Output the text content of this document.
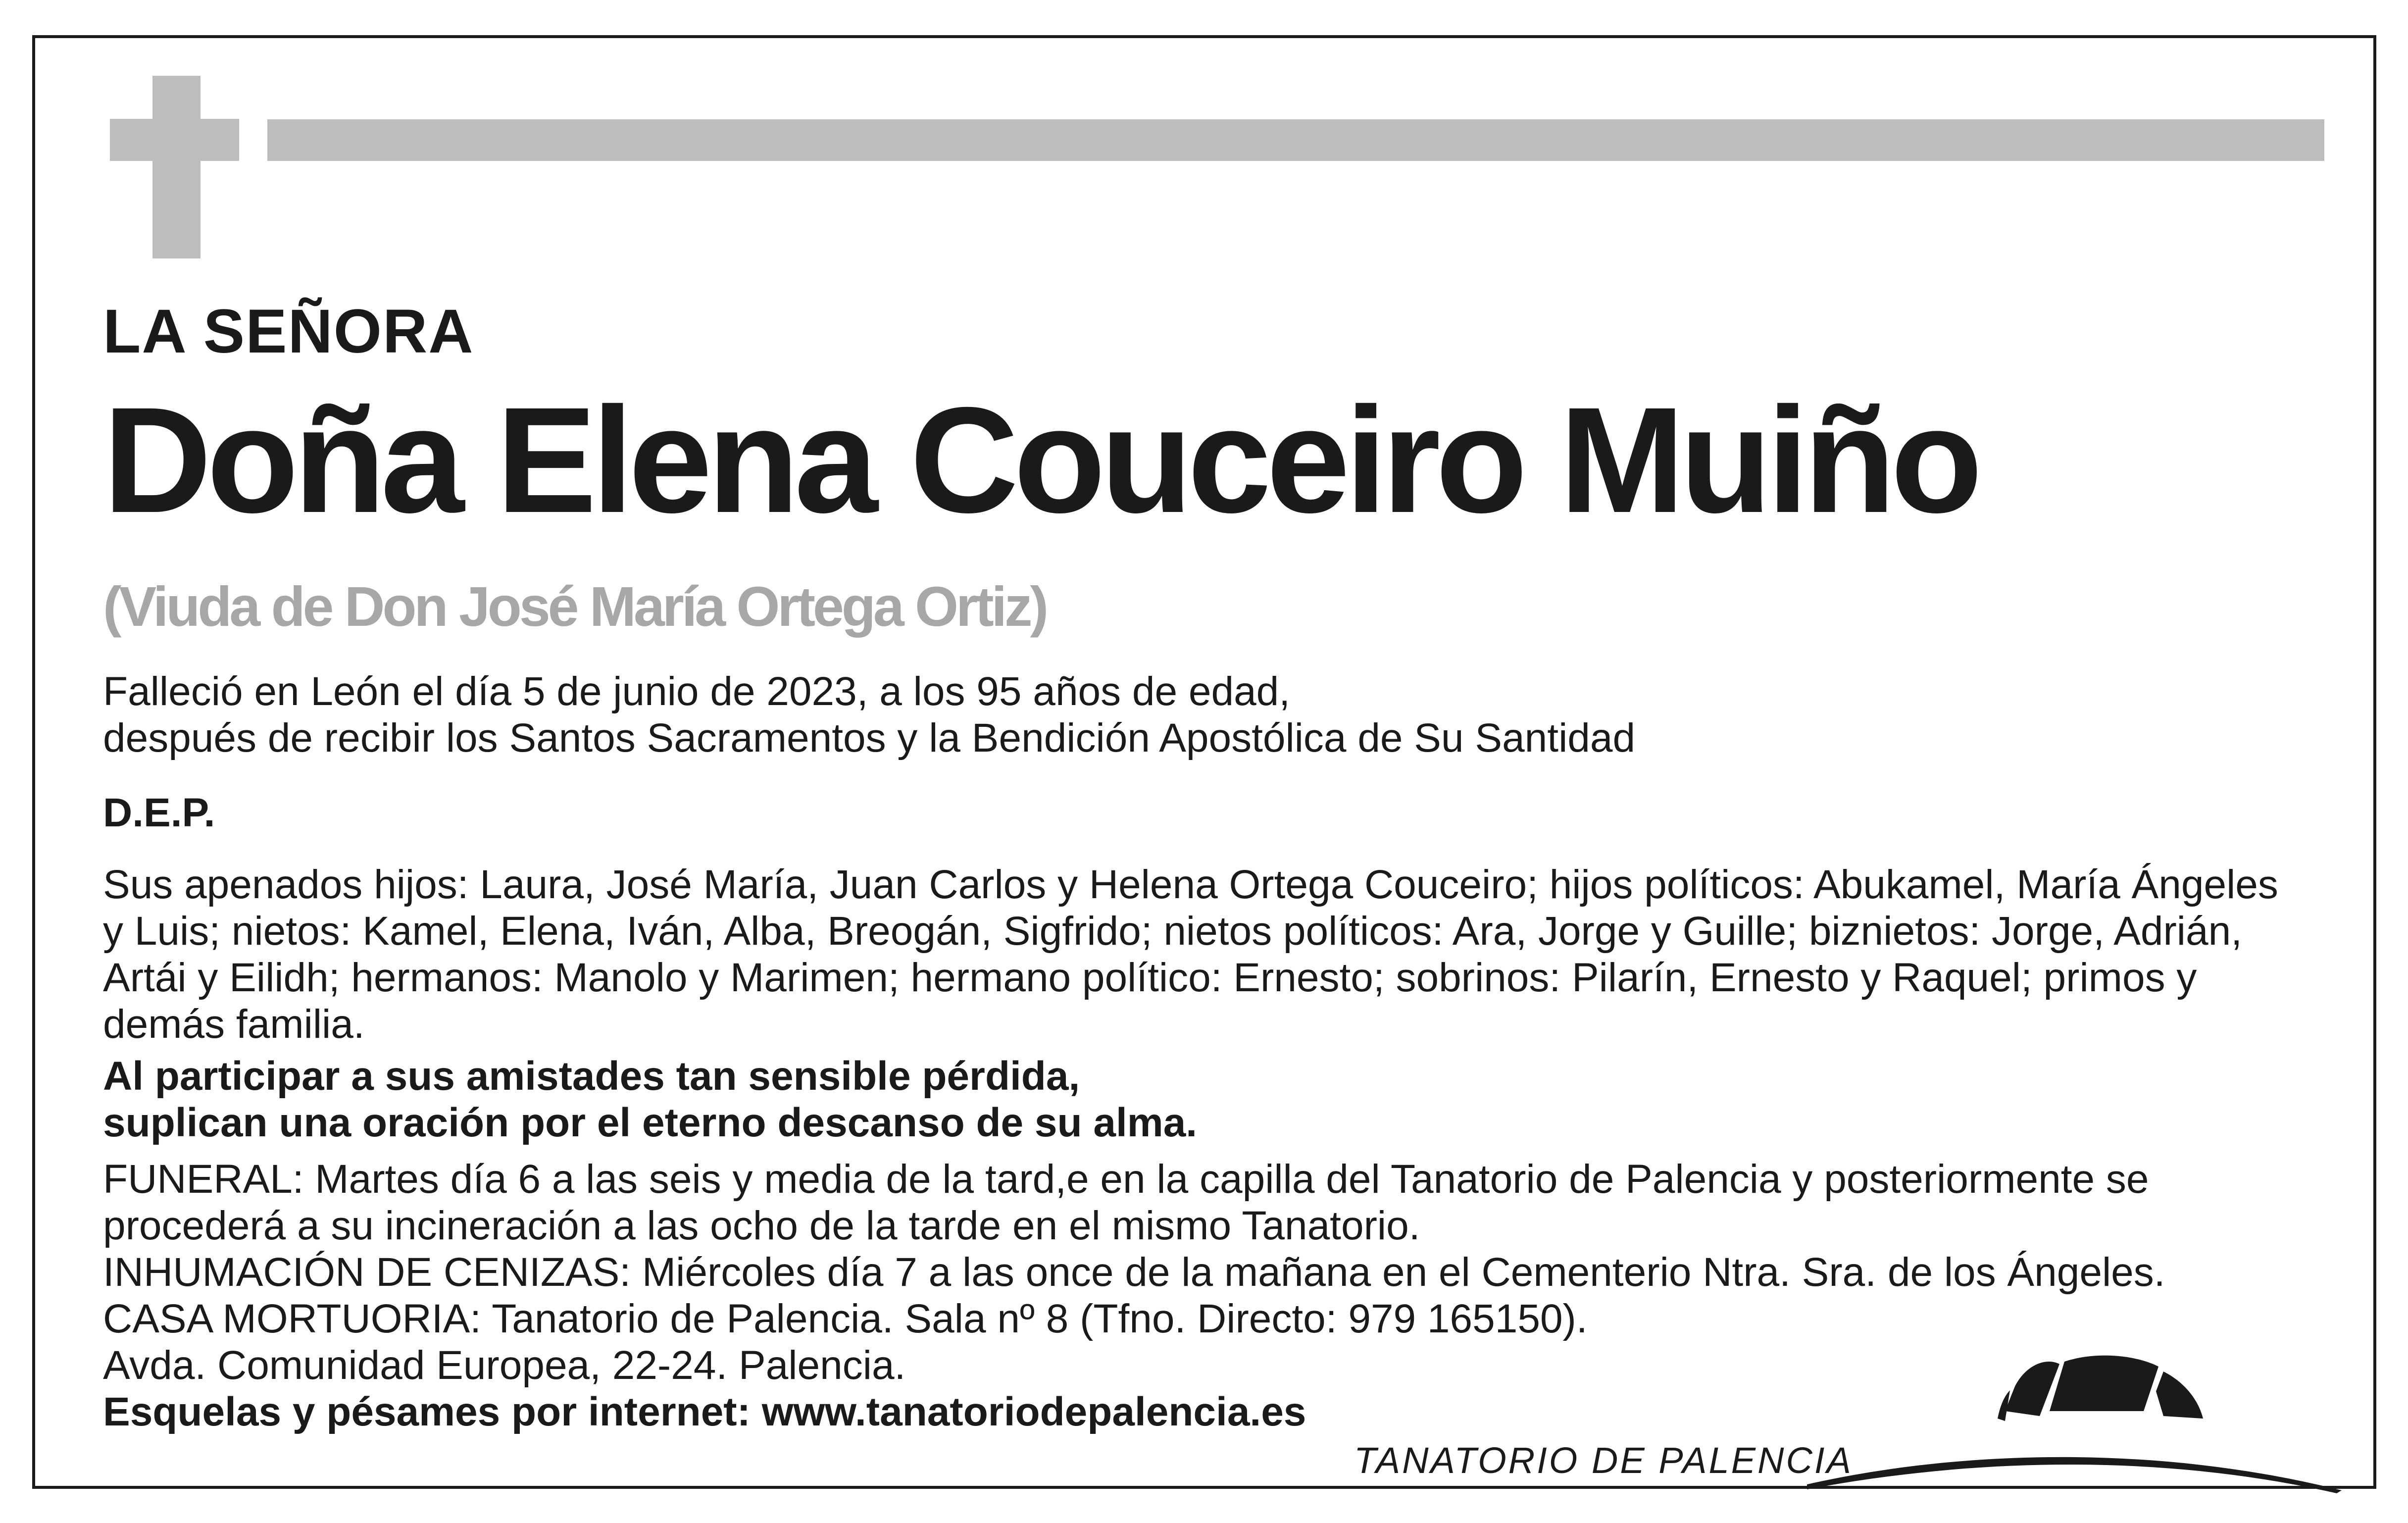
LA SEÑORA
Doña Elena Couceiro Muiño
(Viuda de Don José María Ortega Ortiz)
Falleció en León el día 5 de junio de 2023, a los 95 años de edad,
después de recibir los Santos Sacramentos y la Bendición Apostólica de Su Santidad
D.E.P.
Sus apenados hijos: Laura, José María, Juan Carlos y Helena Ortega Couceiro; hijos políticos: Abukamel, María Ángeles y Luis; nietos: Kamel, Elena, Iván, Alba, Breogán, Sigfrido; nietos políticos: Ara, Jorge y Guille; biznietos: Jorge, Adrián, Artái y Eilidh; hermanos: Manolo y Marimen; hermano político: Ernesto; sobrinos: Pilarín, Ernesto y Raquel; primos y demás familia.
Al participar a sus amistades tan sensible pérdida,
suplican una oración por el eterno descanso de su alma.
FUNERAL: Martes día 6 a las seis y media de la tard,e en la capilla del Tanatorio de Palencia y posteriormente se procederá a su incineración a las ocho de la tarde en el mismo Tanatorio.
INHUMACIÓN DE CENIZAS: Miércoles día 7 a las once de la mañana en el Cementerio Ntra. Sra. de los Ángeles.
CASA MORTUORIA: Tanatorio de Palencia. Sala nº 8 (Tfno. Directo: 979 165150).
Avda. Comunidad Europea, 22-24. Palencia.
Esquelas y pésames por internet: www.tanatoriodepalencia.es
TANATORIO DE PALENCIA
